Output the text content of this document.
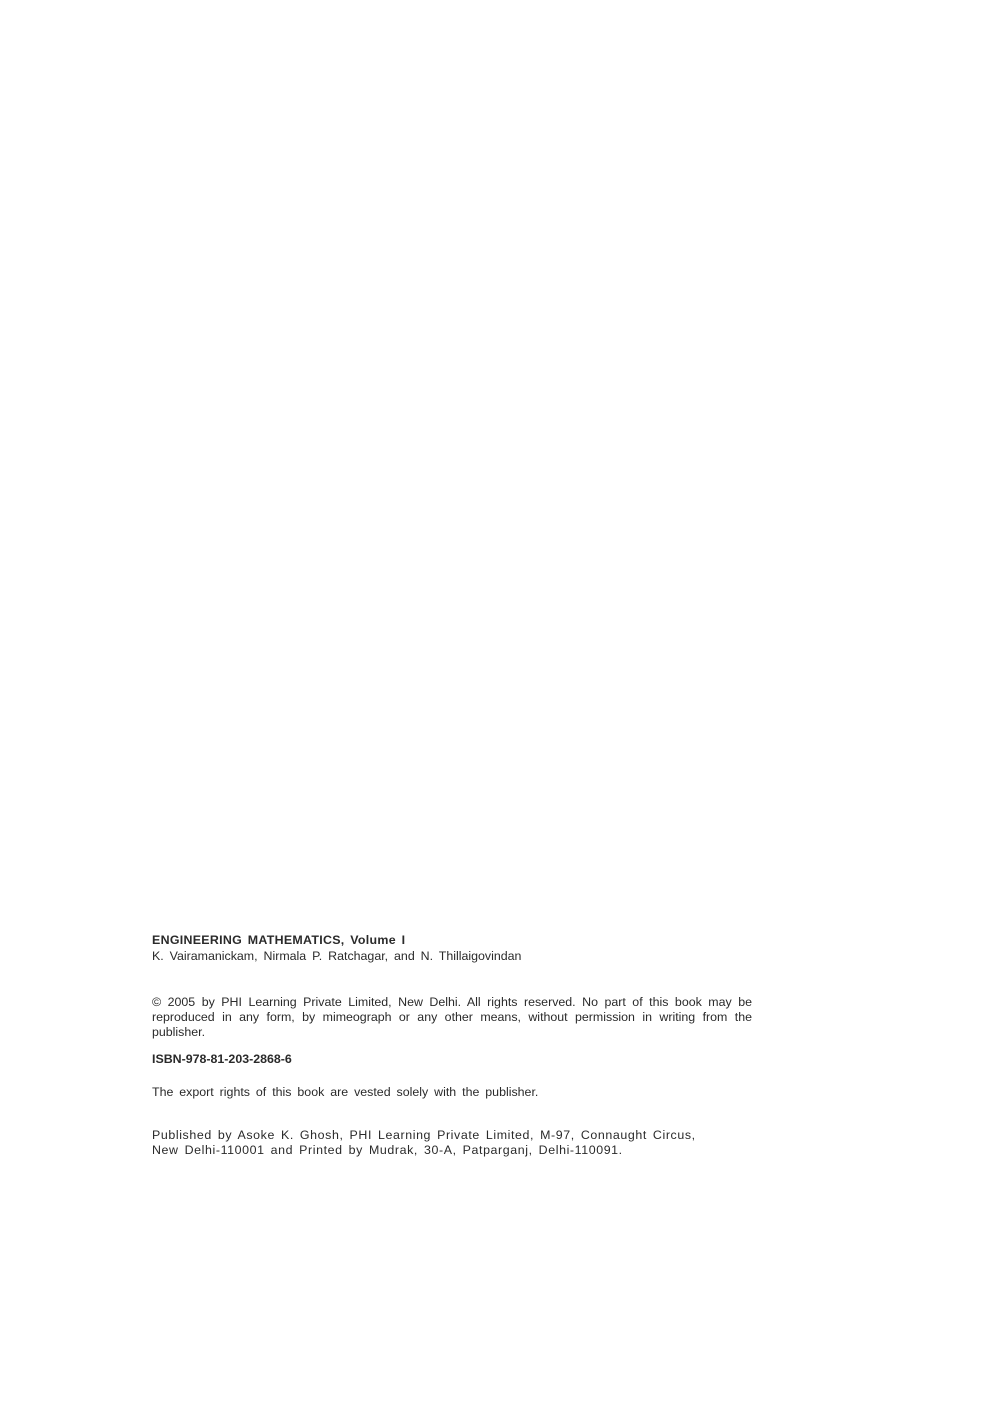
ENGINEERING MATHEMATICS, Volume I

K. Vairamanickam, Nirmala P. Ratchagar, and N. Thillaigovindan

© 2005 by PHI Learning Private Limited, New Delhi. All rights reserved. No part of this book may be reproduced in any form, by mimeograph or any other means, without permission in writing from the publisher.

ISBN-978-81-203-2868-6

The export rights of this book are vested solely with the publisher.

Published by Asoke K. Ghosh, PHI Learning Private Limited, M-97, Connaught Circus,
New Delhi-110001 and Printed by Mudrak, 30-A, Patparganj, Delhi-110091.
